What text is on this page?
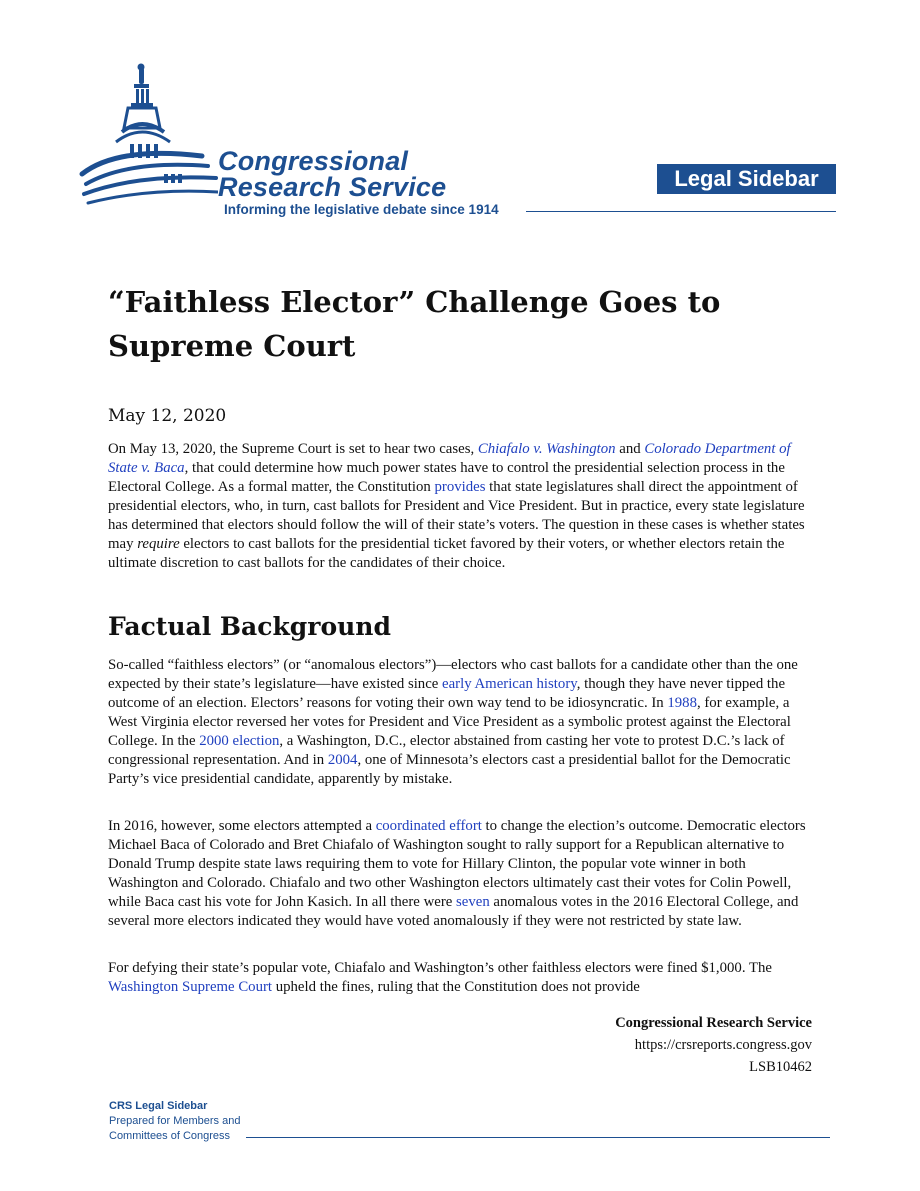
Congressional
Research Service
Informing the legislative debate since 1914
Legal Sidebar
“Faithless Elector” Challenge Goes to Supreme Court
May 12, 2020

On May 13, 2020, the Supreme Court is set to hear two cases, Chiafalo v. Washington and Colorado Department of State v. Baca, that could determine how much power states have to control the presidential selection process in the Electoral College. As a formal matter, the Constitution provides that state legislatures shall direct the appointment of presidential electors, who, in turn, cast ballots for President and Vice President. But in practice, every state legislature has determined that electors should follow the will of their state’s voters. The question in these cases is whether states may require electors to cast ballots for the presidential ticket favored by their voters, or whether electors retain the ultimate discretion to cast ballots for the candidates of their choice.

Factual Background

So-called “faithless electors” (or “anomalous electors”)—electors who cast ballots for a candidate other than the one expected by their state’s legislature—have existed since early American history, though they have never tipped the outcome of an election. Electors’ reasons for voting their own way tend to be idiosyncratic. In 1988, for example, a West Virginia elector reversed her votes for President and Vice President as a symbolic protest against the Electoral College. In the 2000 election, a Washington, D.C., elector abstained from casting her vote to protest D.C.’s lack of congressional representation. And in 2004, one of Minnesota’s electors cast a presidential ballot for the Democratic Party’s vice presidential candidate, apparently by mistake.

In 2016, however, some electors attempted a coordinated effort to change the election’s outcome. Democratic electors Michael Baca of Colorado and Bret Chiafalo of Washington sought to rally support for a Republican alternative to Donald Trump despite state laws requiring them to vote for Hillary Clinton, the popular vote winner in both Washington and Colorado. Chiafalo and two other Washington electors ultimately cast their votes for Colin Powell, while Baca cast his vote for John Kasich. In all there were seven anomalous votes in the 2016 Electoral College, and several more electors indicated they would have voted anomalously if they were not restricted by state law.

For defying their state’s popular vote, Chiafalo and Washington’s other faithless electors were fined $1,000. The Washington Supreme Court upheld the fines, ruling that the Constitution does not provide

Congressional Research Service
https://crsreports.congress.gov
LSB10462
CRS Legal Sidebar
Prepared for Members and
Committees of Congress
